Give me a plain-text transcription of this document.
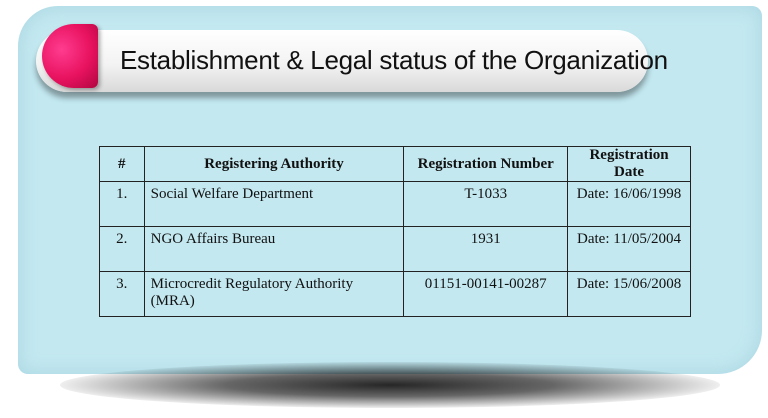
Establishment & Legal status of the Organization
#	Registering Authority	Registration Number	Registration Date
1.	Social Welfare Department	T-1033	Date: 16/06/1998
2.	NGO Affairs Bureau	1931	Date: 11/05/2004
3.	Microcredit Regulatory Authority (MRA)	01151-00141-00287	Date: 15/06/2008
